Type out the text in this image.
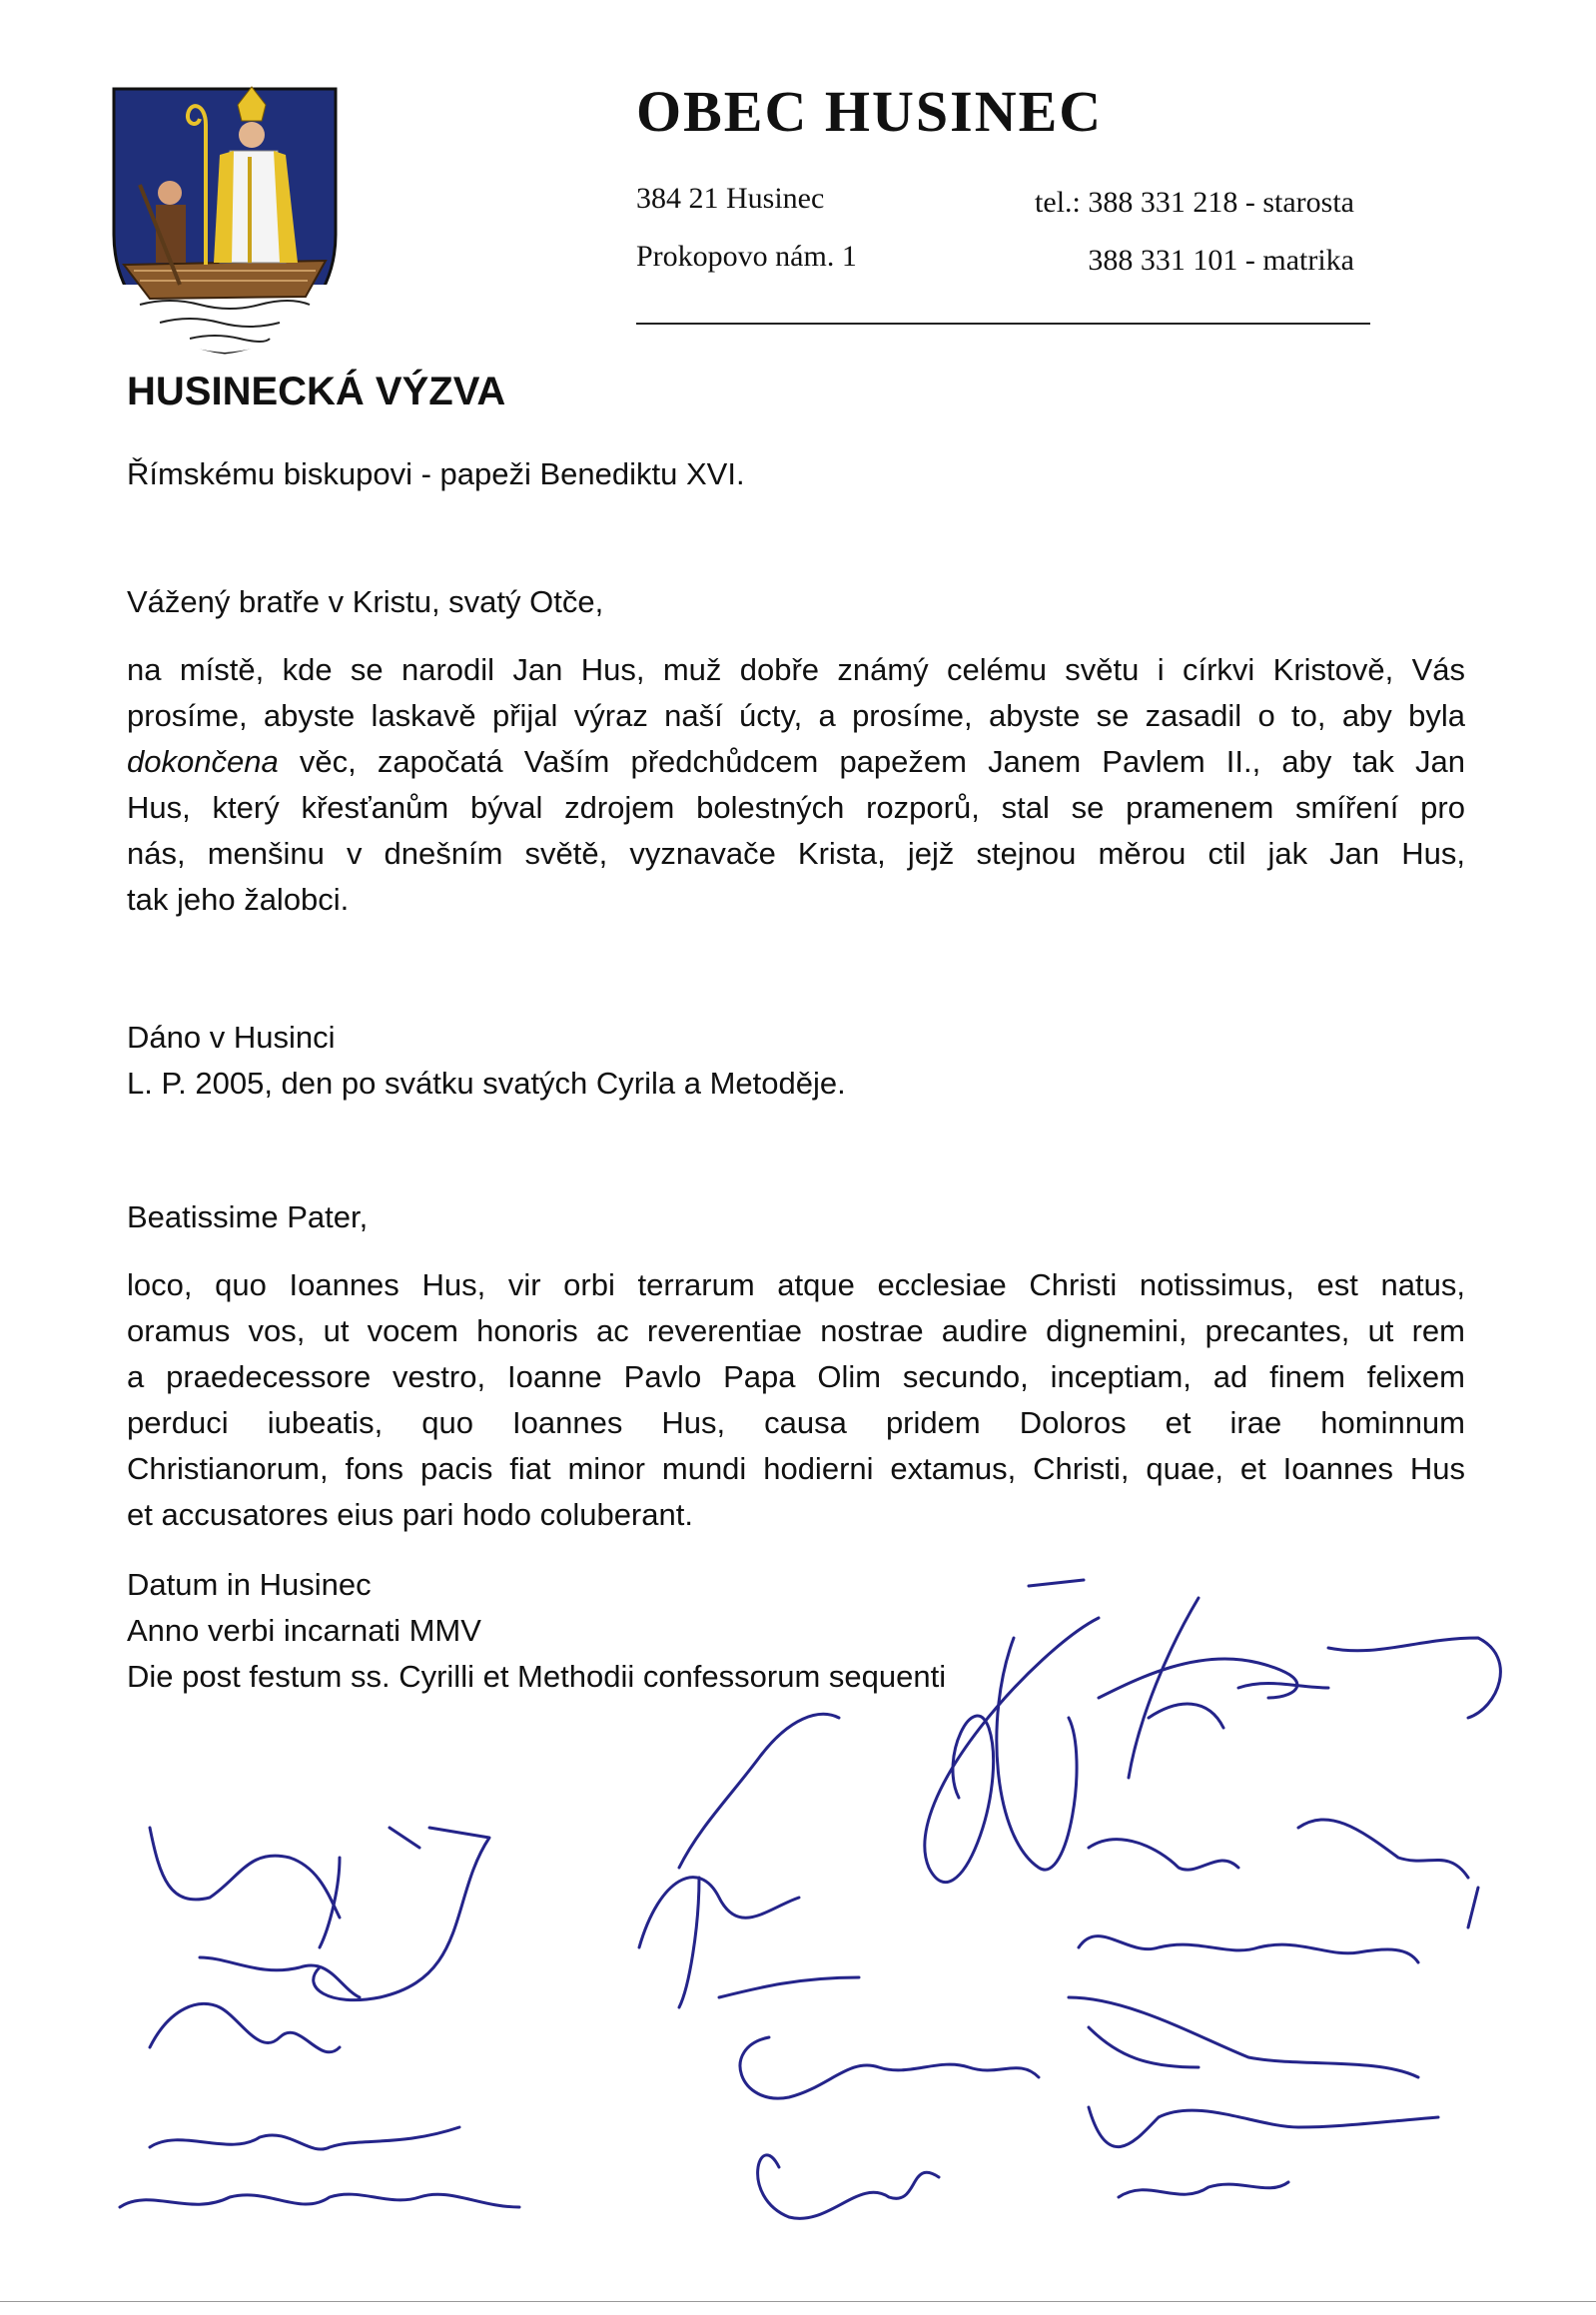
OBEC HUSINEC
384 21 Husinec
Prokopovo nám. 1
tel.: 388 331 218 - starosta
388 331 101 - matrika
HUSINECKÁ VÝZVA
Římskému biskupovi - papeži Benediktu XVI.
Vážený bratře v Kristu, svatý Otče,
na místě, kde se narodil Jan Hus, muž dobře známý celému světu i církvi Kristově, Vás
prosíme, abyste laskavě přijal výraz naší úcty, a prosíme, abyste se zasadil o to, aby byla
dokončena věc, započatá Vaším předchůdcem papežem Janem Pavlem II., aby tak Jan
Hus, který křesťanům býval zdrojem bolestných rozporů, stal se pramenem smíření pro
nás, menšinu v dnešním světě, vyznavače Krista, jejž stejnou měrou ctil jak Jan Hus,
tak jeho žalobci.
Dáno v Husinci
L. P. 2005, den po svátku svatých Cyrila a Metoděje.
Beatissime Pater,
loco, quo Ioannes Hus, vir orbi terrarum atque ecclesiae Christi notissimus, est natus,
oramus vos, ut vocem honoris ac reverentiae nostrae audire dignemini, precantes, ut rem
a praedecessore vestro, Ioanne Pavlo Papa Olim secundo, inceptiam, ad finem felixem
perduci iubeatis, quo Ioannes Hus, causa pridem Doloros et irae hominnum
Christianorum, fons pacis fiat minor mundi hodierni extamus, Christi, quae, et Ioannes Hus
et accusatores eius pari hodo coluberant.
Datum in Husinec
Anno verbi incarnati MMV
Die post festum ss. Cyrilli et Methodii confessorum sequenti
